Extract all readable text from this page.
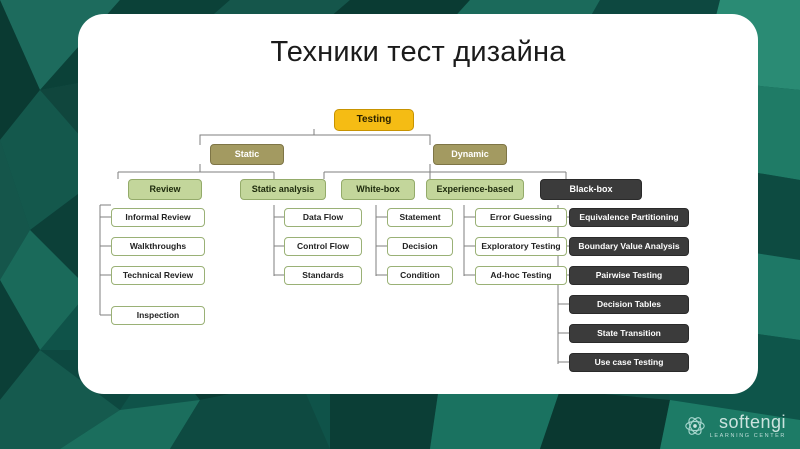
Техники тест дизайна
Testing
Static	Dynamic
Review	Static analysis	White-box	Experience-based	Black-box
Informal Review
Walkthroughs
Technical Review
Inspection
Data Flow
Control Flow
Standards
Statement
Decision
Condition
Error Guessing
Exploratory Testing
Ad-hoc Testing
Equivalence Partitioning
Boundary Value Analysis
Pairwise Testing
Decision Tables
State Transition
Use case Testing
softengi
LEARNING CENTER
